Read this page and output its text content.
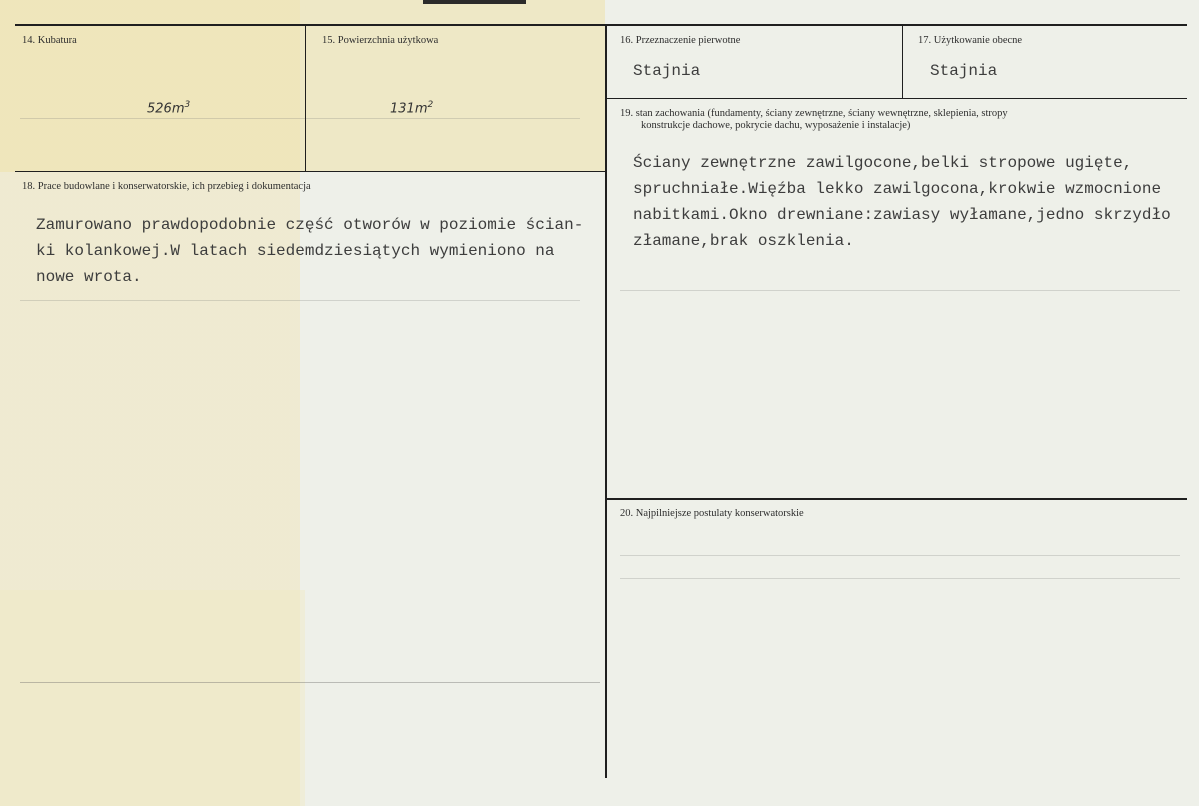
14. Kubatura
$526m^3$
15. Powierzchnia użytkowa
$131m^2$
16. Przeznaczenie pierwotne
Stajnia
17. Użytkowanie obecne
Stajnia
18. Prace budowlane i konserwatorskie, ich przebieg i dokumentacja
Zamurowano prawdopodobnie część otworów w poziomie ścian-
ki kolankowej.W latach siedemdziesiątych wymieniono na
nowe wrota.
19. stan zachowania (fundamenty, ściany zewnętrzne, ściany wewnętrzne, sklepienia, stropy
konstrukcje dachowe, pokrycie dachu, wyposażenie i instalacje)
Ściany zewnętrzne zawilgocone,belki stropowe ugięte,
spruchniałe.Więźba lekko zawilgocona,krokwie wzmocnione
nabitkami.Okno drewniane:zawiasy wyłamane,jedno skrzydło
złamane,brak oszklenia.
20. Najpilniejsze postulaty konserwatorskie
